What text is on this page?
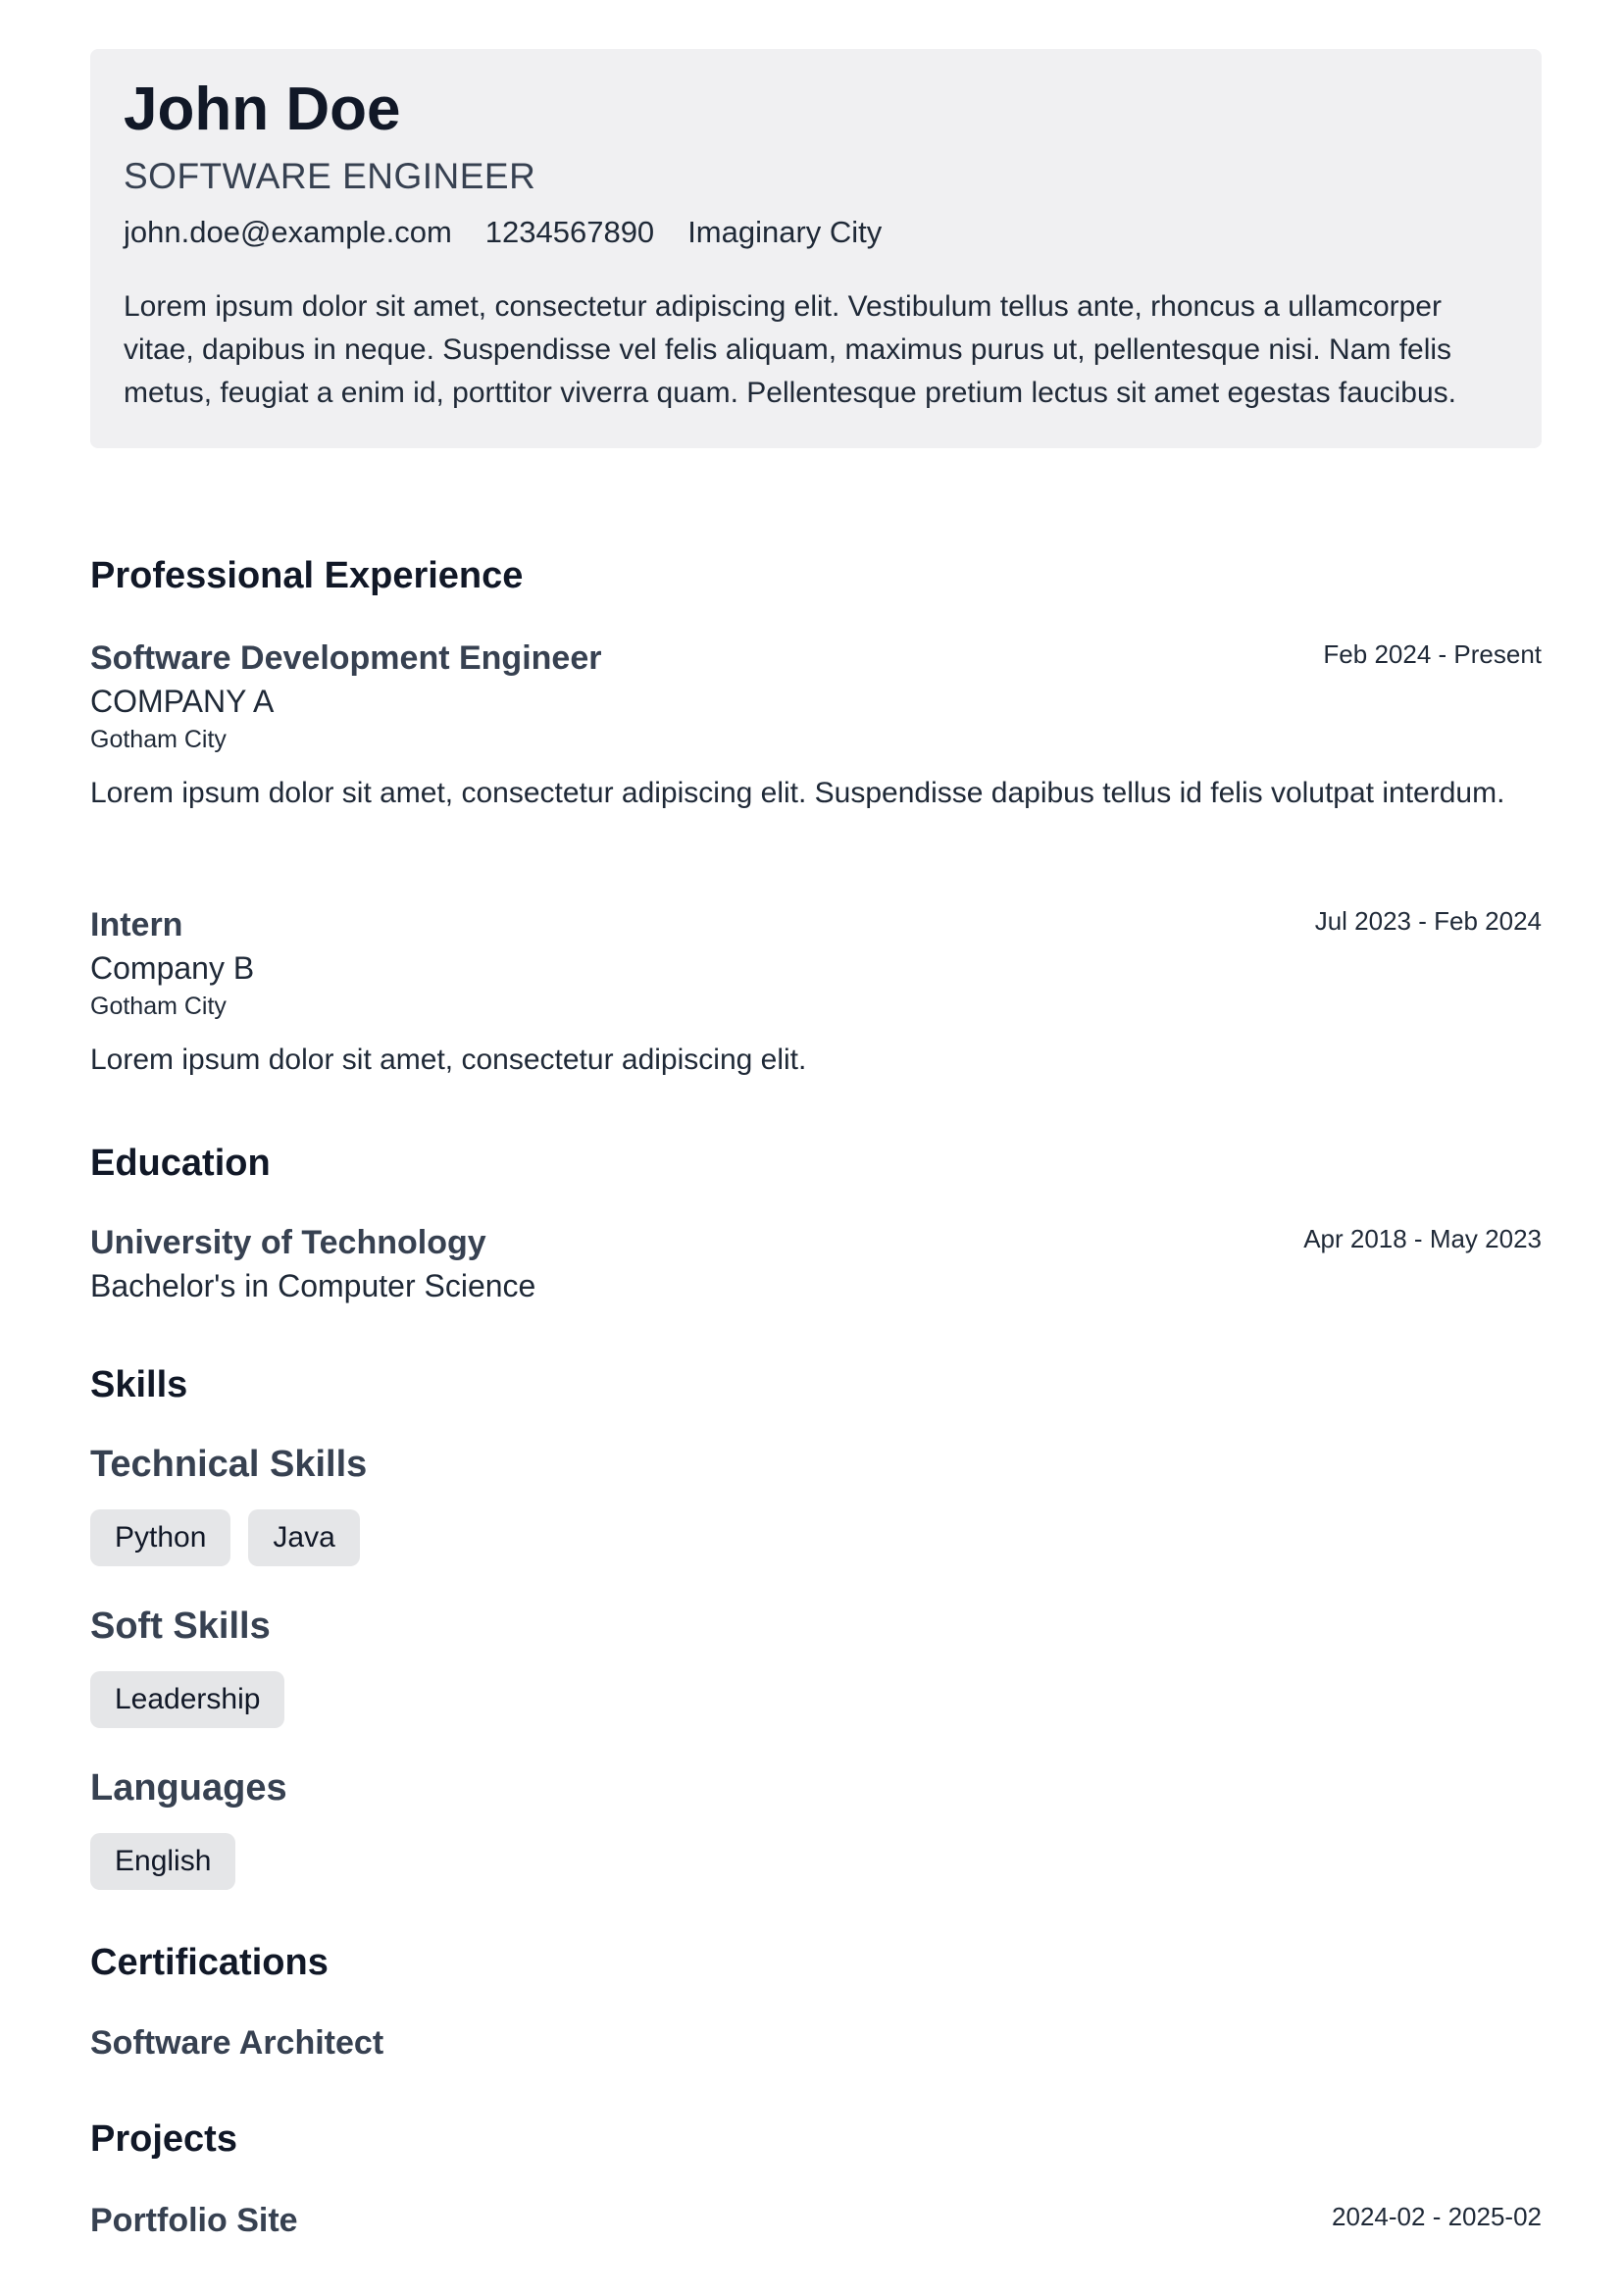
John Doe
SOFTWARE ENGINEER
john.doe@example.com 1234567890 Imaginary City
Lorem ipsum dolor sit amet, consectetur adipiscing elit. Vestibulum tellus ante, rhoncus a ullamcorper vitae, dapibus in neque. Suspendisse vel felis aliquam, maximus purus ut, pellentesque nisi. Nam felis metus, feugiat a enim id, porttitor viverra quam. Pellentesque pretium lectus sit amet egestas faucibus.
Professional Experience
Software Development Engineer	Feb 2024 - Present
COMPANY A
Gotham City
Lorem ipsum dolor sit amet, consectetur adipiscing elit. Suspendisse dapibus tellus id felis volutpat interdum.
Intern	Jul 2023 - Feb 2024
Company B
Gotham City
Lorem ipsum dolor sit amet, consectetur adipiscing elit.
Education
University of Technology	Apr 2018 - May 2023
Bachelor's in Computer Science
Skills
Technical Skills
Python	Java
Soft Skills
Leadership
Languages
English
Certifications
Software Architect
Projects
Portfolio Site	2024-02 - 2025-02
